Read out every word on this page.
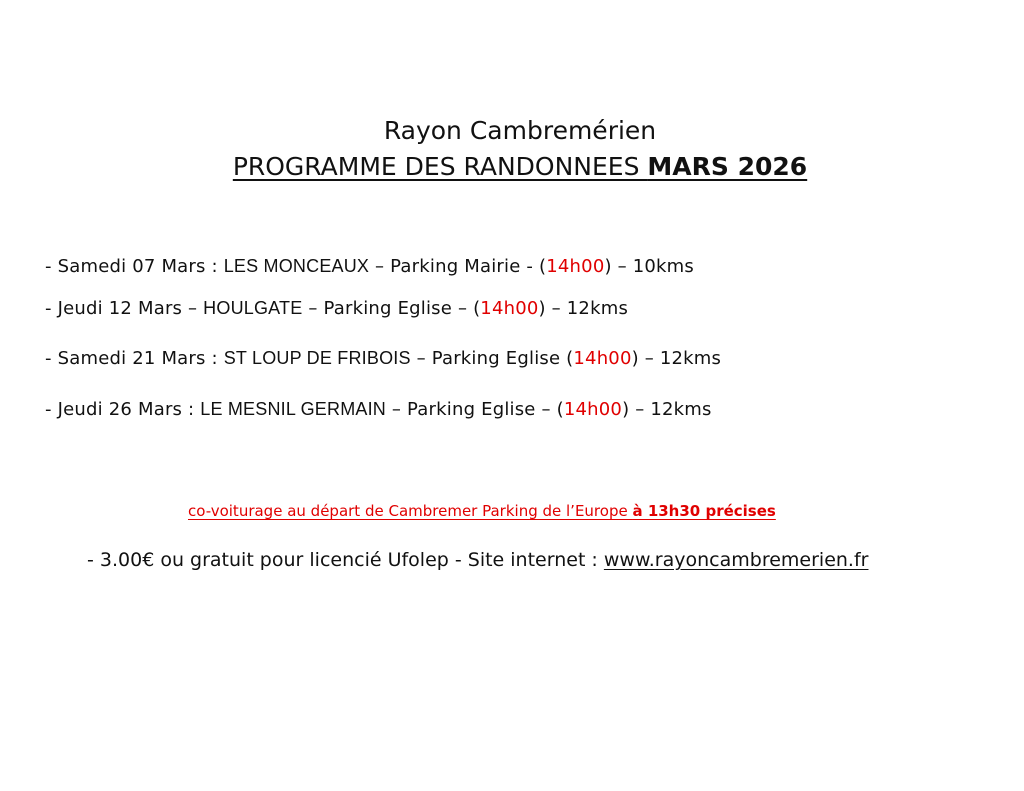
Rayon Cambremérien
PROGRAMME DES RANDONNEES MARS 2026
- Samedi 07 Mars : LES MONCEAUX – Parking Mairie - (14h00) – 10kms
- Jeudi 12 Mars – HOULGATE – Parking Eglise – (14h00) – 12kms
- Samedi 21 Mars : ST LOUP DE FRIBOIS – Parking Eglise (14h00) – 12kms
- Jeudi 26 Mars : LE MESNIL GERMAIN – Parking Eglise – (14h00) – 12kms
co-voiturage au départ de Cambremer Parking de l’Europe à 13h30 précises
- 3.00€ ou gratuit pour licencié Ufolep - Site internet : www.rayoncambremerien.fr
